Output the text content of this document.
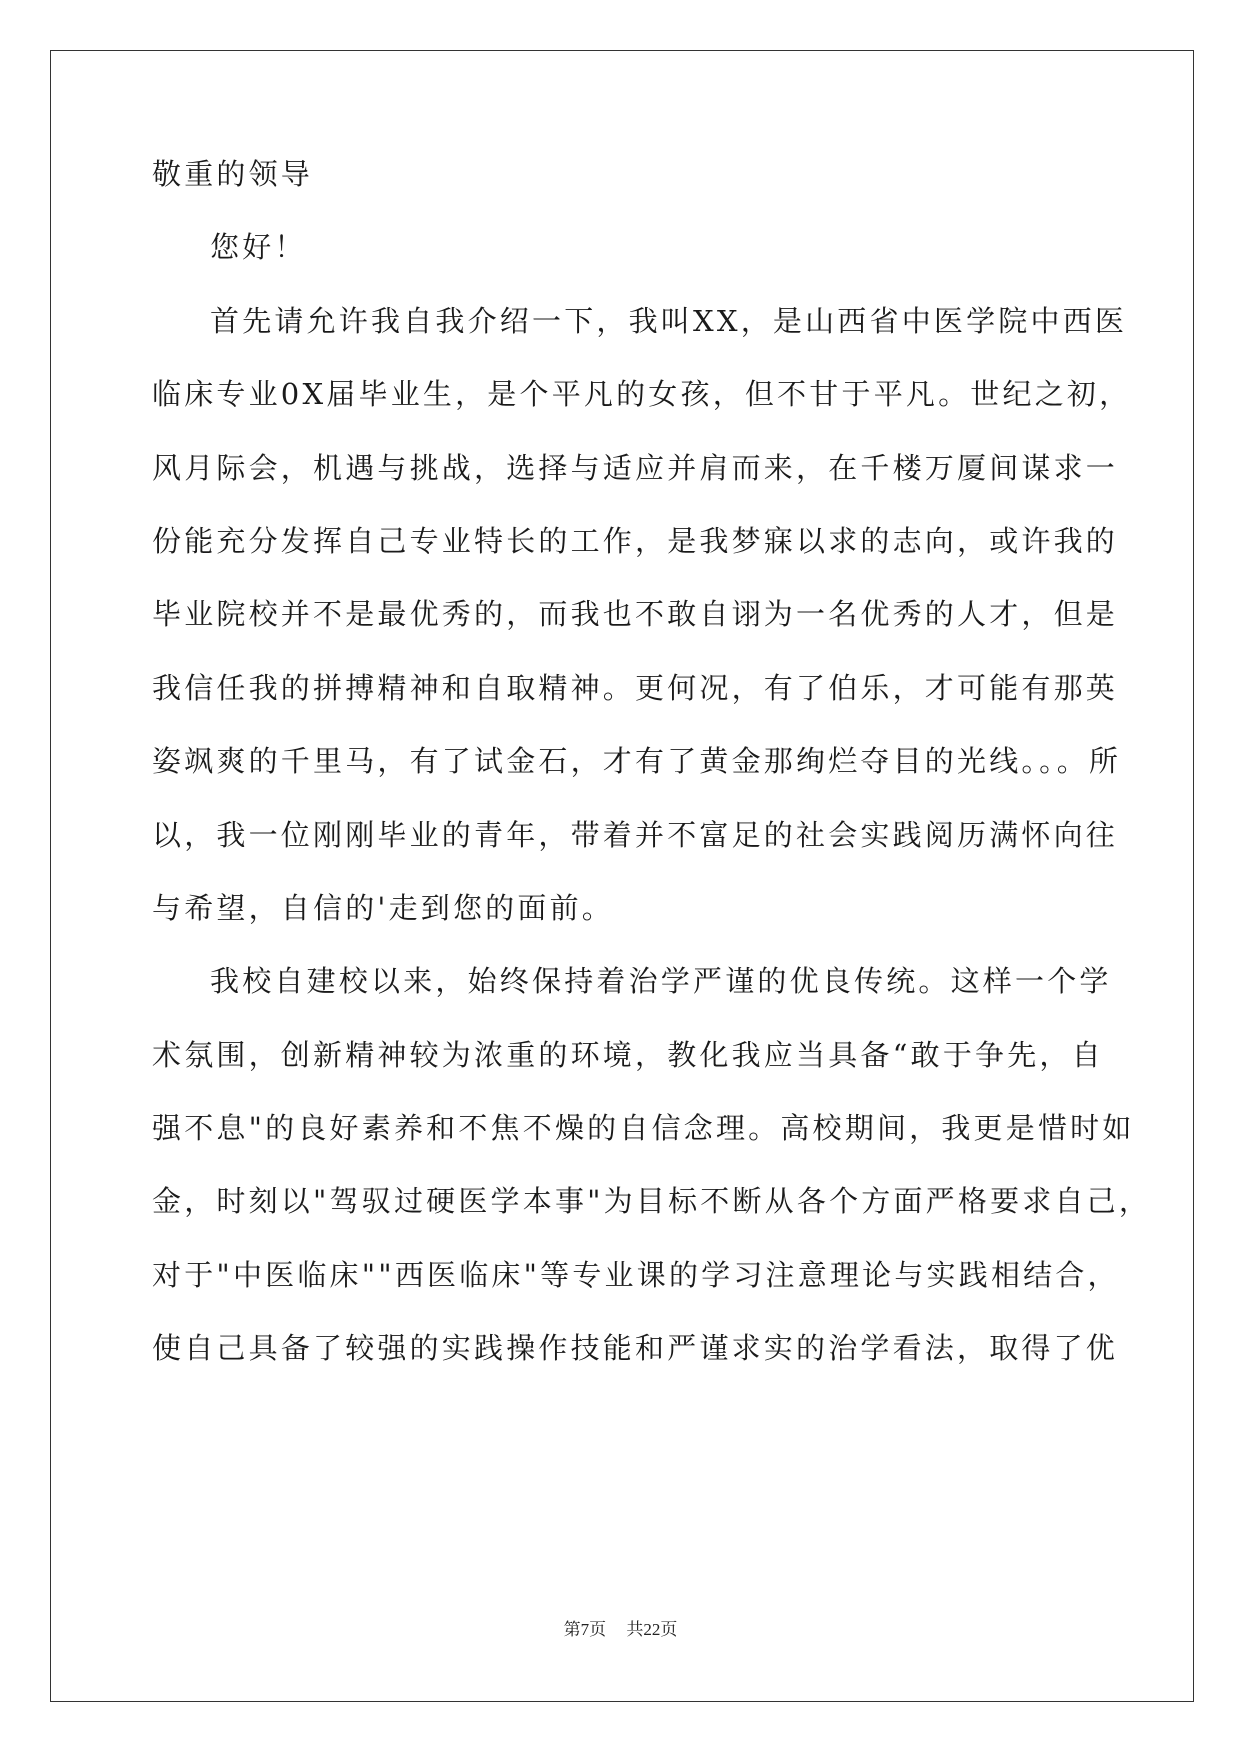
敬重的领导
您好！
首先请允许我自我介绍一下，我叫XX，是山西省中医学院中西医
临床专业0X届毕业生，是个平凡的女孩，但不甘于平凡。世纪之初，
风月际会，机遇与挑战，选择与适应并肩而来，在千楼万厦间谋求一
份能充分发挥自己专业特长的工作，是我梦寐以求的志向，或许我的
毕业院校并不是最优秀的，而我也不敢自诩为一名优秀的人才，但是
我信任我的拼搏精神和自取精神。更何况，有了伯乐，才可能有那英
姿飒爽的千里马，有了试金石，才有了黄金那绚烂夺目的光线。。。所
以，我一位刚刚毕业的青年，带着并不富足的社会实践阅历满怀向往
与希望，自信的'走到您的面前。
我校自建校以来，始终保持着治学严谨的优良传统。这样一个学
术氛围，创新精神较为浓重的环境，教化我应当具备“敢于争先，自
强不息"的良好素养和不焦不燥的自信念理。高校期间，我更是惜时如
金，时刻以"驾驭过硬医学本事"为目标不断从各个方面严格要求自己，
对于"中医临床""西医临床"等专业课的学习注意理论与实践相结合，
使自己具备了较强的实践操作技能和严谨求实的治学看法，取得了优
第7页 共22页
